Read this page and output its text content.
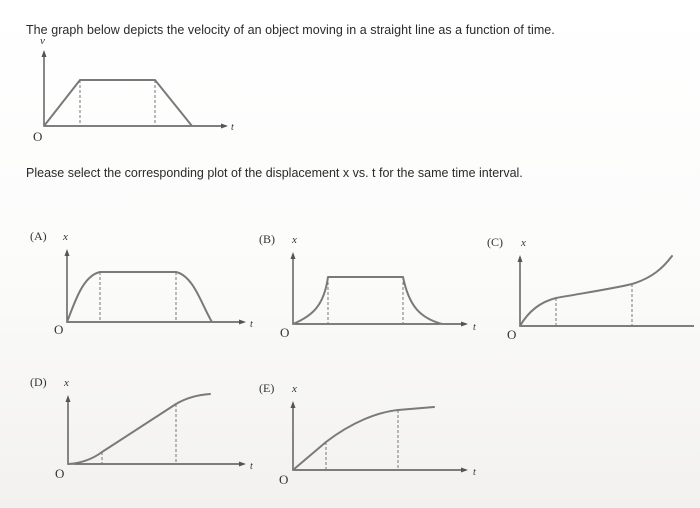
The graph below depicts the velocity of an object moving in a straight line as a function of time.

Please select the corresponding plot of the displacement x vs. t for the same time interval.

v
t
O
(A) x
t
O
(B) x
t
O
(C) x
O
(D) x
t
O
(E) x
t
O
